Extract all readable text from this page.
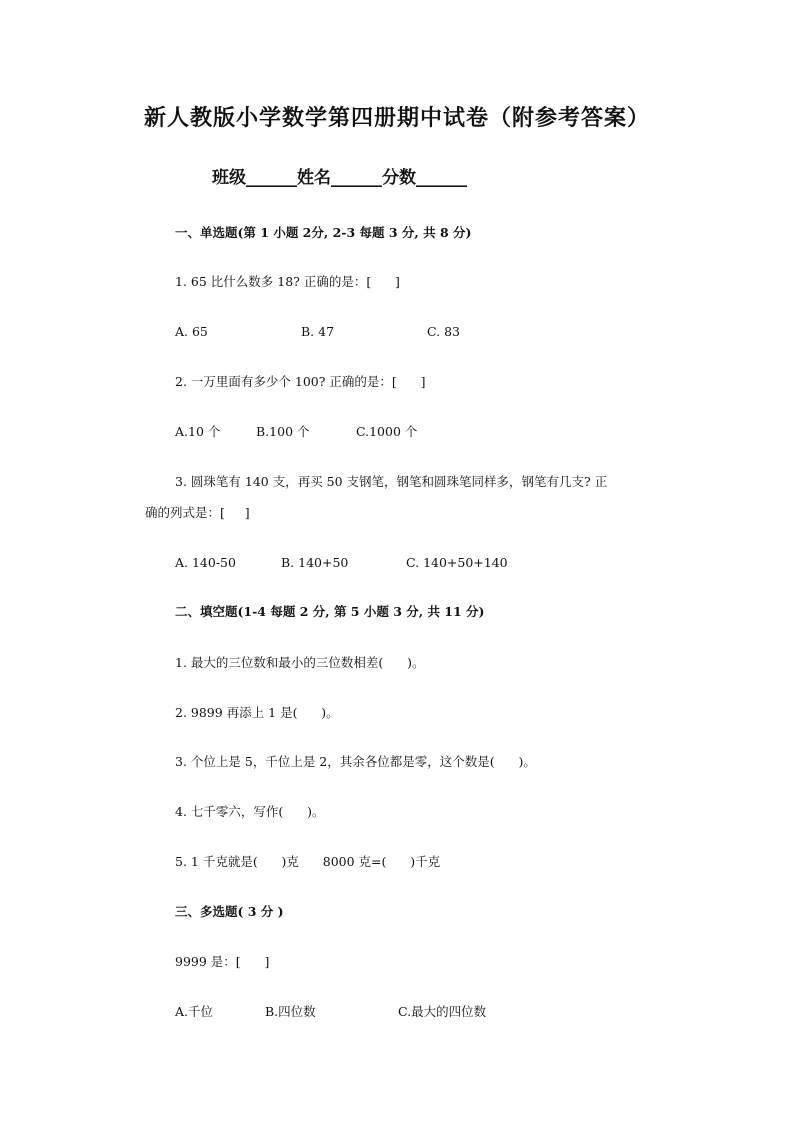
新人教版小学数学第四册期中试卷（附参考答案）
班级______姓名______分数______
一、单选题(第 1 小题 2分, 2-3 每题 3 分, 共 8 分)
1. 65 比什么数多 18? 正确的是：[      ]
A. 65	B. 47	C. 83
2. 一万里面有多少个 100? 正确的是：[      ]
A.10 个	B.100 个	C.1000 个
3. 圆珠笔有 140 支，再买 50 支钢笔，钢笔和圆珠笔同样多，钢笔有几支? 正
确的列式是：[     ]
A. 140-50	B. 140+50	C. 140+50+140
二、填空题(1-4 每题 2 分, 第 5 小题 3 分, 共 11 分)
1. 最大的三位数和最小的三位数相差(      )。
2. 9899 再添上 1 是(      )。
3. 个位上是 5，千位上是 2，其余各位都是零，这个数是(      )。
4. 七千零六，写作(      )。
5. 1 千克就是(      )克      8000 克=(      )千克
三、多选题( 3 分 )
9999 是：[      ]
A.千位	B.四位数	C.最大的四位数
